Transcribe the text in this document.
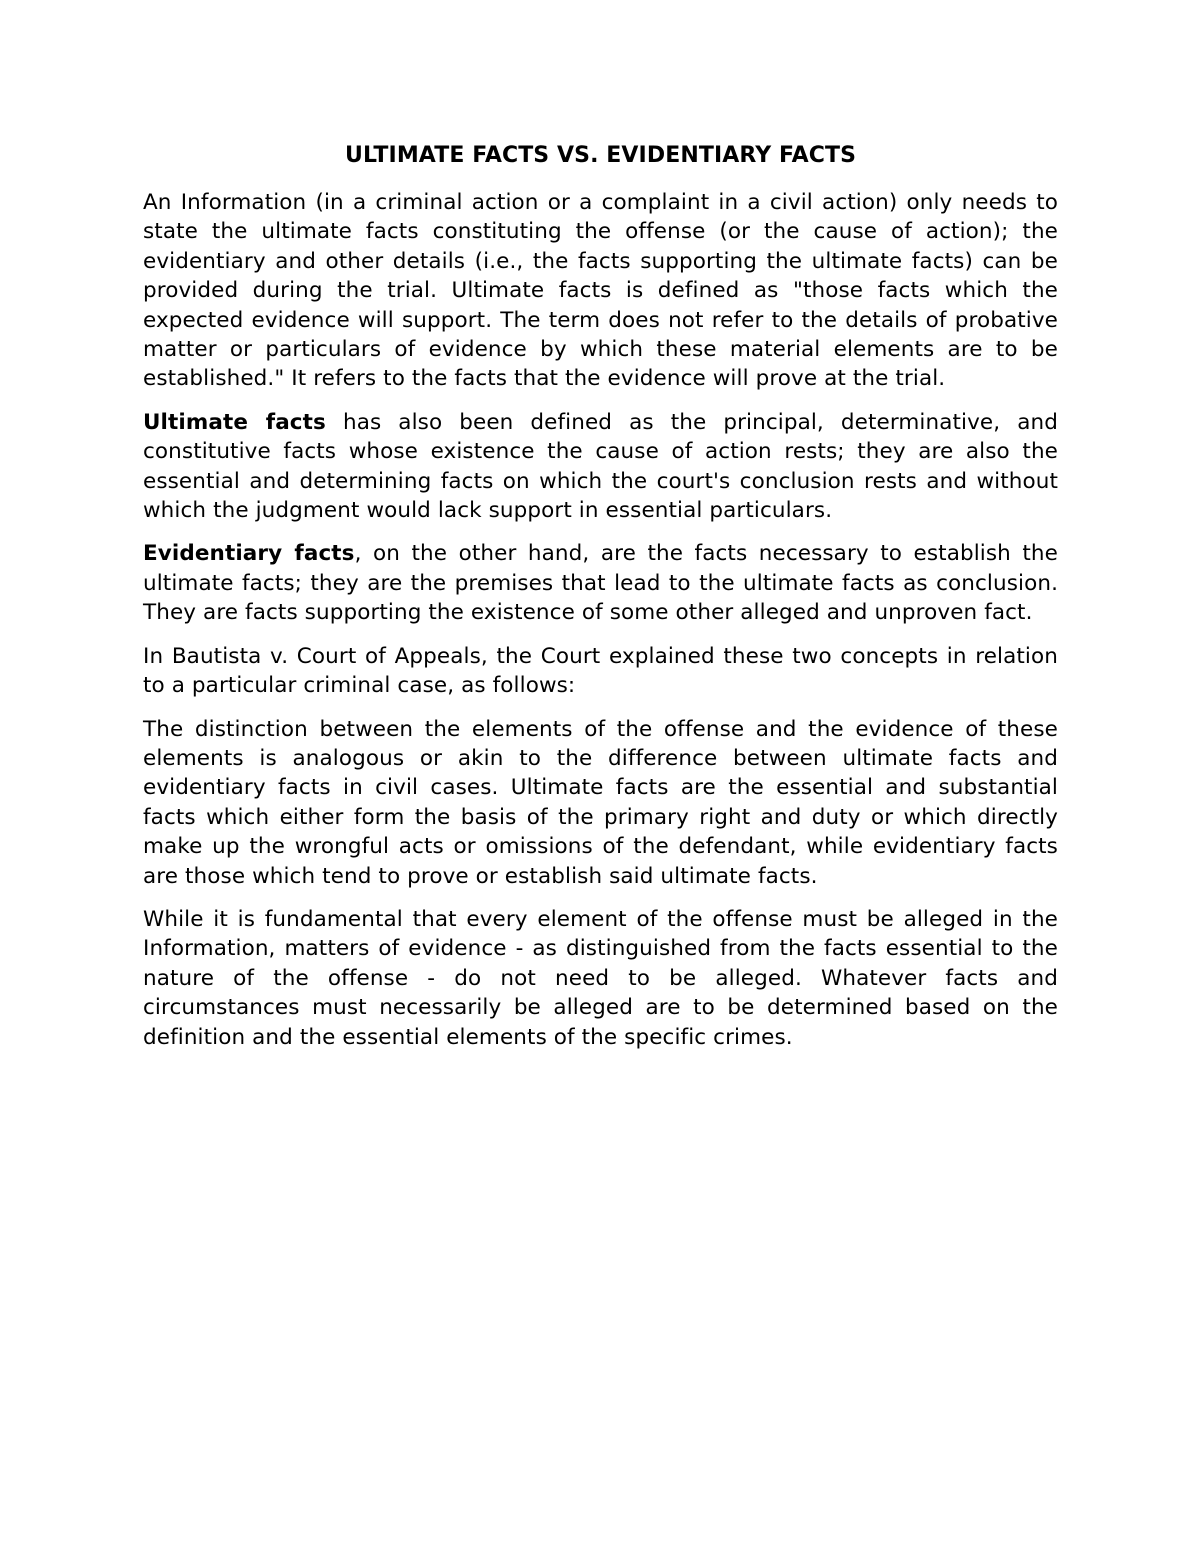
ULTIMATE FACTS VS. EVIDENTIARY FACTS

An Information (in a criminal action or a complaint in a civil action) only needs to state the ultimate facts constituting the offense (or the cause of action); the evidentiary and other details (i.e., the facts supporting the ultimate facts) can be provided during the trial. Ultimate facts is defined as "those facts which the expected evidence will support. The term does not refer to the details of probative matter or particulars of evidence by which these material elements are to be established." It refers to the facts that the evidence will prove at the trial.

Ultimate facts has also been defined as the principal, determinative, and constitutive facts whose existence the cause of action rests; they are also the essential and determining facts on which the court's conclusion rests and without which the judgment would lack support in essential particulars.

Evidentiary facts, on the other hand, are the facts necessary to establish the ultimate facts; they are the premises that lead to the ultimate facts as conclusion. They are facts supporting the existence of some other alleged and unproven fact.

In Bautista v. Court of Appeals, the Court explained these two concepts in relation to a particular criminal case, as follows:

The distinction between the elements of the offense and the evidence of these elements is analogous or akin to the difference between ultimate facts and evidentiary facts in civil cases. Ultimate facts are the essential and substantial facts which either form the basis of the primary right and duty or which directly make up the wrongful acts or omissions of the defendant, while evidentiary facts are those which tend to prove or establish said ultimate facts.

While it is fundamental that every element of the offense must be alleged in the Information, matters of evidence - as distinguished from the facts essential to the nature of the offense - do not need to be alleged. Whatever facts and circumstances must necessarily be alleged are to be determined based on the definition and the essential elements of the specific crimes.
